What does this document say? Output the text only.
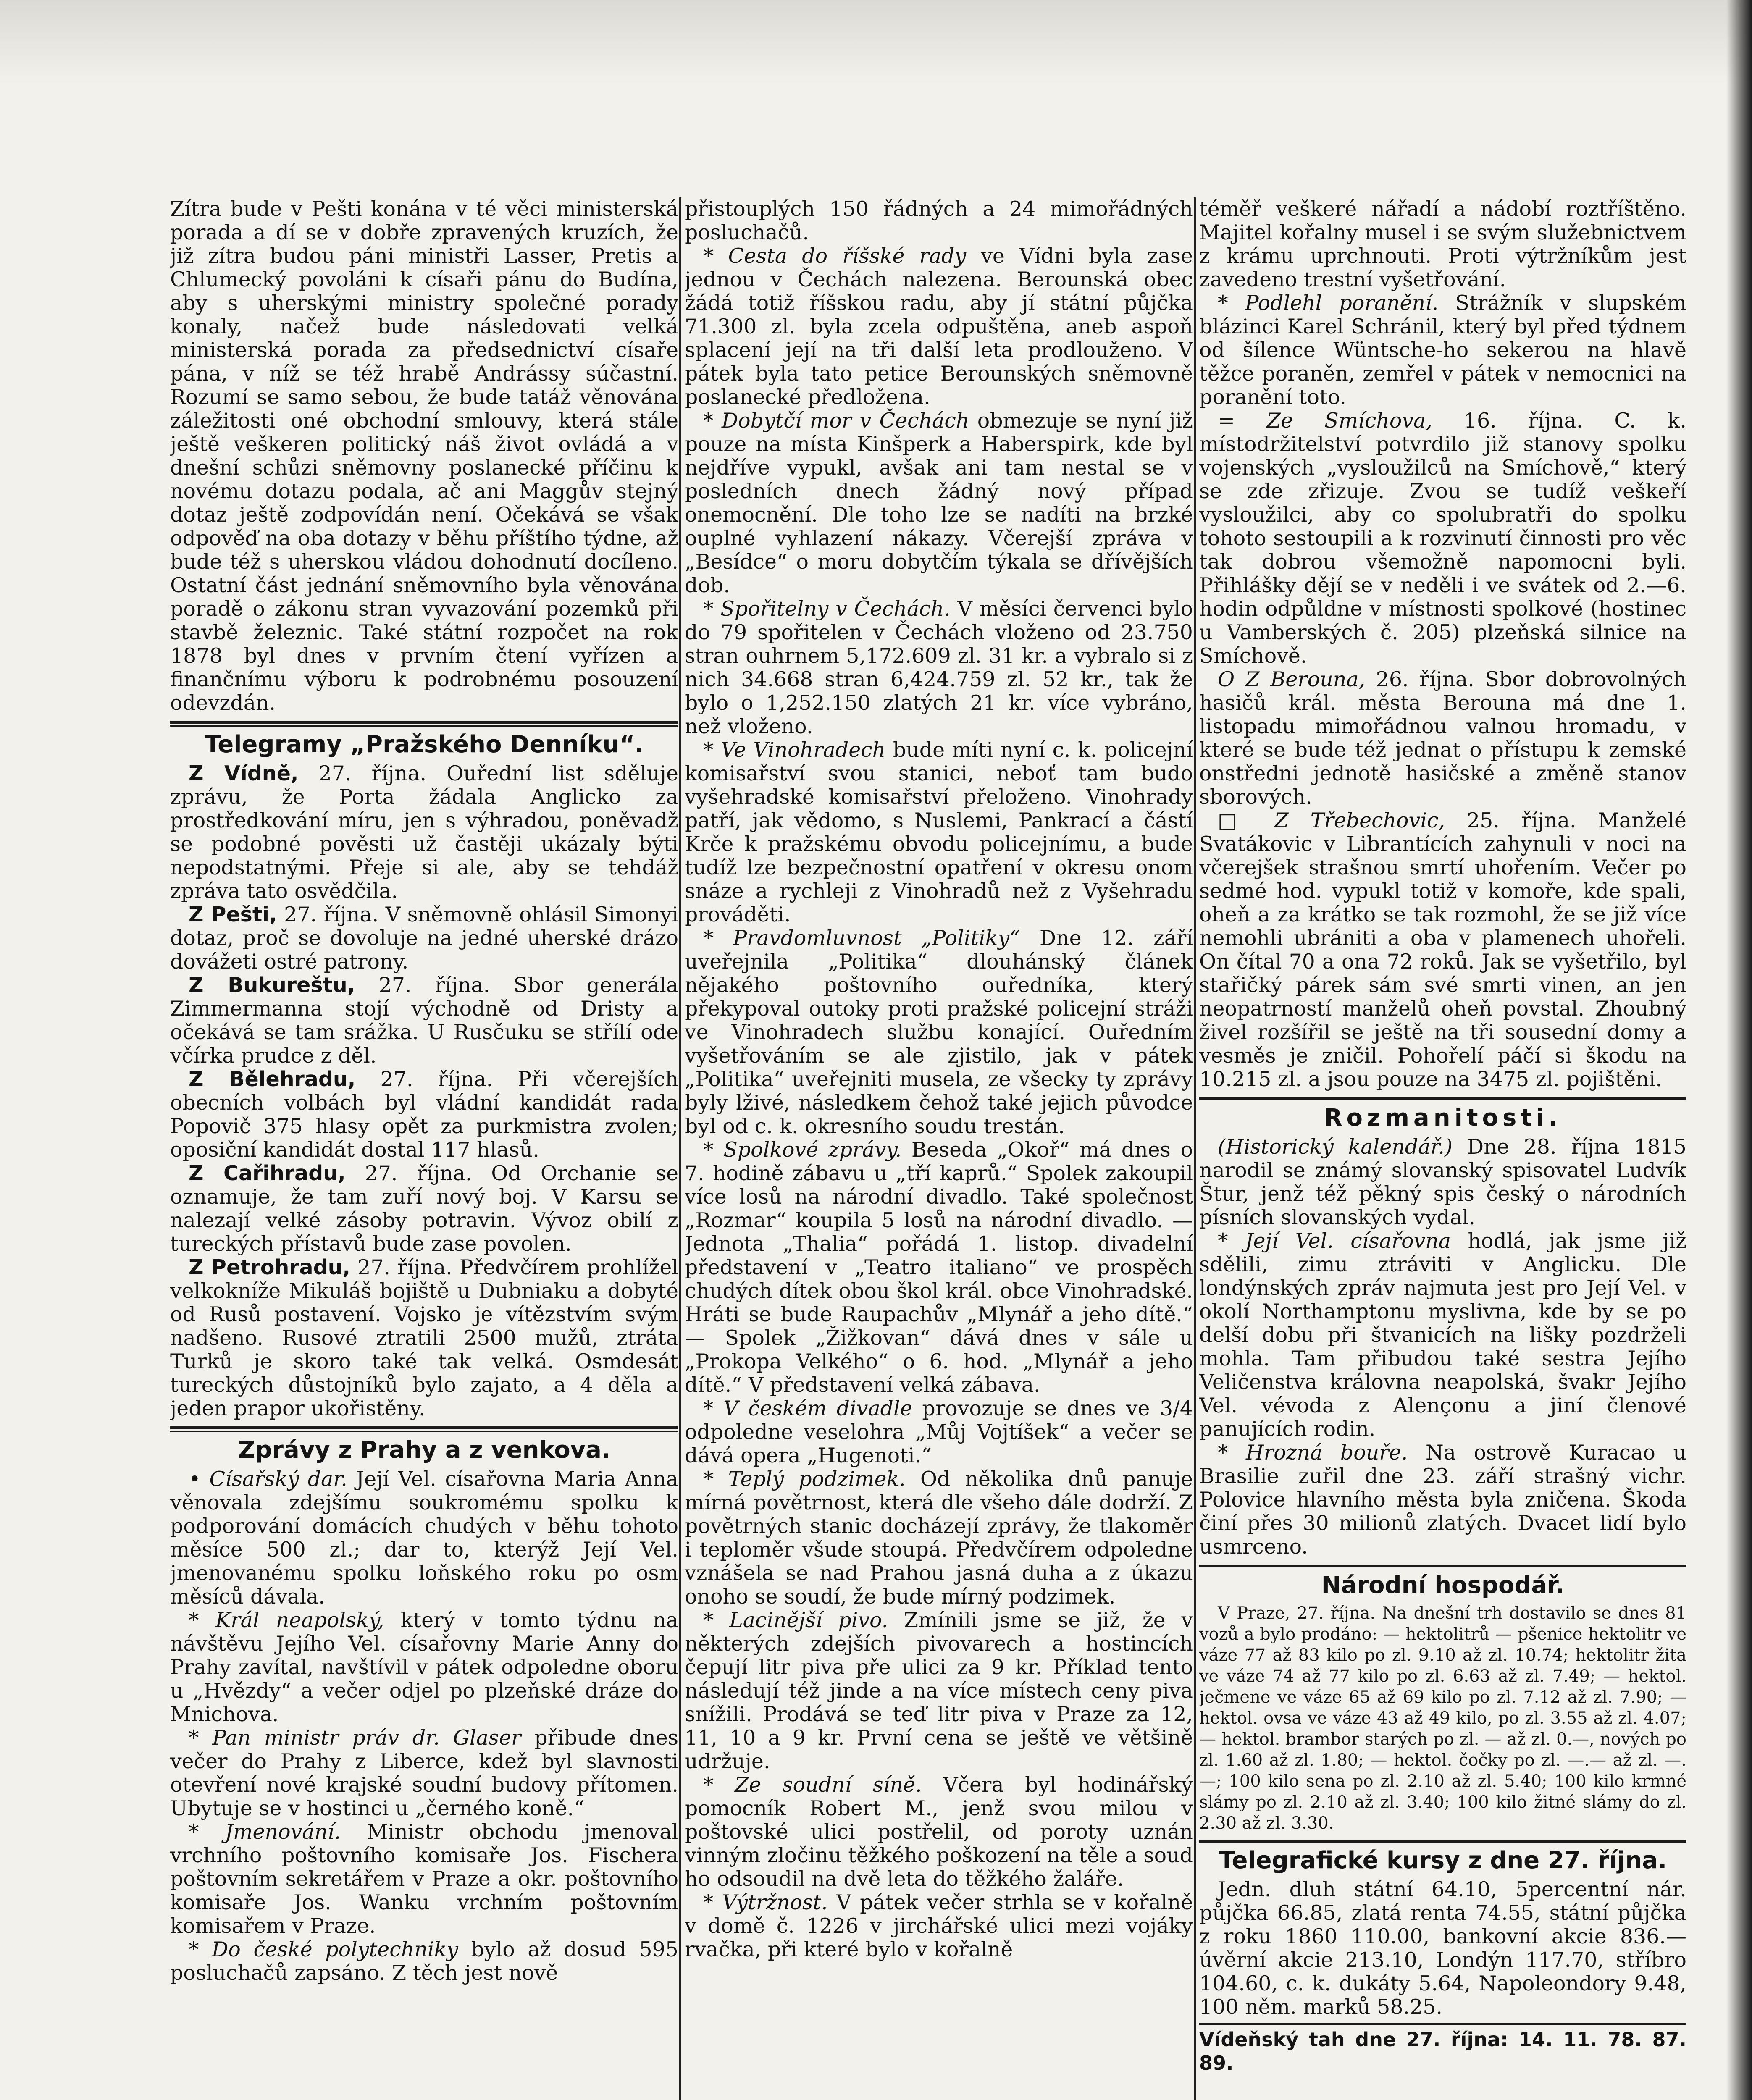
Zítra bude v Pešti konána v té věci ministerská porada a dí se v dobře zpravených kruzích, že již zítra budou páni ministři Lasser, Pretis a Chlumecký povoláni k císaři pánu do Budína, aby s uherskými ministry společné porady konaly, načež bude následovati velká ministerská porada za předsednictví císaře pána, v níž se též hrabě Andrássy súčastní. Rozumí se samo sebou, že bude tatáž věnována záležitosti oné obchodní smlouvy, která stále ještě veškeren politický náš život ovládá a v dnešní schůzi sněmovny poslanecké příčinu k novému dotazu podala, ač ani Maggův stejný dotaz ještě zodpovídán není. Očekává se však odpověď na oba dotazy v běhu příštího týdne, až bude též s uherskou vládou dohodnutí docíleno. Ostatní část jednání sněmovního byla věnována poradě o zákonu stran vyvazování pozemků při stavbě železnic. Také státní rozpočet na rok 1878 byl dnes v prvním čtení vyřízen a finančnímu výboru k podrobnému posouzení odevzdán.

Telegramy „Pražského Denníku“.

Z Vídně, 27. října. Ouřední list sděluje zprávu, že Porta žádala Anglicko za prostředkování míru, jen s výhradou, poněvadž se podobné pověsti už častěji ukázaly býti nepodstatnými. Přeje si ale, aby se tehdáž zpráva tato osvědčila.

Z Pešti, 27. října. V sněmovně ohlásil Simonyi dotaz, proč se dovoluje na jedné uherské drázo dovážeti ostré patrony.

Z Bukureštu, 27. října. Sbor generála Zimmermanna stojí východně od Dristy a očekává se tam srážka. U Rusčuku se střílí ode včírka prudce z děl.

Z Bělehradu, 27. října. Při včerejších obecních volbách byl vládní kandidát rada Popovič 375 hlasy opět za purkmistra zvolen; oposiční kandidát dostal 117 hlasů.

Z Cařihradu, 27. října. Od Orchanie se oznamuje, že tam zuří nový boj. V Karsu se nalezají velké zásoby potravin. Vývoz obilí z tureckých přístavů bude zase povolen.

Z Petrohradu, 27. října. Předvčírem prohlížel velkokníže Mikuláš bojiště u Dubniaku a dobyté od Rusů postavení. Vojsko je vítězstvím svým nadšeno. Rusové ztratili 2500 mužů, ztráta Turků je skoro také tak velká. Osmdesát tureckých důstojníků bylo zajato, a 4 děla a jeden prapor ukořistěny.

Zprávy z Prahy a z venkova.

• Císařský dar. Její Vel. císařovna Maria Anna věnovala zdejšímu soukromému spolku k podporování domácích chudých v běhu tohoto měsíce 500 zl.; dar to, kterýž Její Vel. jmenovanému spolku loňského roku po osm měsíců dávala.

* Král neapolský, který v tomto týdnu na návštěvu Jejího Vel. císařovny Marie Anny do Prahy zavítal, navštívil v pátek odpoledne oboru u „Hvězdy“ a večer odjel po plzeňské dráze do Mnichova.

* Pan ministr práv dr. Glaser přibude dnes večer do Prahy z Liberce, kdež byl slavnosti otevření nové krajské soudní budovy přítomen. Ubytuje se v hostinci u „černého koně.“

* Jmenování. Ministr obchodu jmenoval vrchního poštovního komisaře Jos. Fischera poštovním sekretářem v Praze a okr. poštovního komisaře Jos. Wanku vrchním poštovním komisařem v Praze.

* Do české polytechniky bylo až dosud 595 posluchačů zapsáno. Z těch jest nově

přistouplých 150 řádných a 24 mimořádných posluchačů.

* Cesta do říšské rady ve Vídni byla zase jednou v Čechách nalezena. Berounská obec žádá totiž říšskou radu, aby jí státní půjčka 71.300 zl. byla zcela odpuštěna, aneb aspoň splacení její na tři další leta prodlouženo. V pátek byla tato petice Berounských sněmovně poslanecké předložena.

* Dobytčí mor v Čechách obmezuje se nyní již pouze na místa Kinšperk a Haberspirk, kde byl nejdříve vypukl, avšak ani tam nestal se v posledních dnech žádný nový případ onemocnění. Dle toho lze se nadíti na brzké ouplné vyhlazení nákazy. Včerejší zpráva v „Besídce“ o moru dobytčím týkala se dřívějších dob.

* Spořitelny v Čechách. V měsíci červenci bylo do 79 spořitelen v Čechách vloženo od 23.750 stran ouhrnem 5,172.609 zl. 31 kr. a vybralo si z nich 34.668 stran 6,424.759 zl. 52 kr., tak že bylo o 1,252.150 zlatých 21 kr. více vybráno, než vloženo.

* Ve Vinohradech bude míti nyní c. k. policejní komisařství svou stanici, neboť tam budo vyšehradské komisařství přeloženo. Vinohrady patří, jak vědomo, s Nuslemi, Pankrací a částí Krče k pražskému obvodu policejnímu, a bude tudíž lze bezpečnostní opatření v okresu onom snáze a rychleji z Vinohradů než z Vyšehradu prováděti.

* Pravdomluvnost „Politiky“ Dne 12. září uveřejnila „Politika“ dlouhánský článek nějakého poštovního ouředníka, který překypoval outoky proti pražské policejní stráži ve Vinohradech službu konající. Ouředním vyšetřováním se ale zjistilo, jak v pátek „Politika“ uveřejniti musela, ze všecky ty zprávy byly lživé, následkem čehož také jejich původce byl od c. k. okresního soudu trestán.

* Spolkové zprávy. Beseda „Okoř“ má dnes o 7. hodině zábavu u „tří kaprů.“ Spolek zakoupil více losů na národní divadlo. Také společnost „Rozmar“ koupila 5 losů na národní divadlo. — Jednota „Thalia“ pořádá 1. listop. divadelní představení v „Teatro italiano“ ve prospěch chudých dítek obou škol král. obce Vinohradské. Hráti se bude Raupachův „Mlynář a jeho dítě.“ — Spolek „Žižkovan“ dává dnes v sále u „Prokopa Velkého“ o 6. hod. „Mlynář a jeho dítě.“ V představení velká zábava.

* V českém divadle provozuje se dnes ve 3/4 odpoledne veselohra „Můj Vojtíšek“ a večer se dává opera „Hugenoti.“

* Teplý podzimek. Od několika dnů panuje mírná povětrnost, která dle všeho dále dodrží. Z povětrných stanic docházejí zprávy, že tlakoměr i teploměr všude stoupá. Předvčírem odpoledne vznášela se nad Prahou jasná duha a z úkazu onoho se soudí, že bude mírný podzimek.

* Lacinější pivo. Zmínili jsme se již, že v některých zdejších pivovarech a hostincích čepují litr piva pře ulici za 9 kr. Příklad tento následují též jinde a na více místech ceny piva snížili. Prodává se teď litr piva v Praze za 12, 11, 10 a 9 kr. První cena se ještě ve většině udržuje.

* Ze soudní síně. Včera byl hodinářský pomocník Robert M., jenž svou milou v poštovské ulici postřelil, od poroty uznán vinným zločinu těžkého poškození na těle a soud ho odsoudil na dvě leta do těžkého žaláře.

* Výtržnost. V pátek večer strhla se v kořalně v domě č. 1226 v jirchářské ulici mezi vojáky rvačka, při které bylo v kořalně

téměř veškeré nářadí a nádobí roztříštěno. Majitel kořalny musel i se svým služebnictvem z krámu uprchnouti. Proti výtržníkům jest zavedeno trestní vyšetřování.

* Podlehl poranění. Strážník v slupském blázinci Karel Schránil, který byl před týdnem od šílence Wüntsche-ho sekerou na hlavě těžce poraněn, zemřel v pátek v nemocnici na poranění toto.

= Ze Smíchova, 16. října. C. k. místodržitelství potvrdilo již stanovy spolku vojenských „vysloužilců na Smíchově,“ který se zde zřizuje. Zvou se tudíž veškeří vysloužilci, aby co spolubratři do spolku tohoto sestoupili a k rozvinutí činnosti pro věc tak dobrou všemožně napomocni byli. Přihlášky dějí se v neděli i ve svátek od 2.—6. hodin odpůldne v místnosti spolkové (hostinec u Vamberských č. 205) plzeňská silnice na Smíchově.

O Z Berouna, 26. října. Sbor dobrovolných hasičů král. města Berouna má dne 1. listopadu mimořádnou valnou hromadu, v které se bude též jednat o přístupu k zemské onstředni jednotě hasičské a změně stanov sborových.

□ Z Třebechovic, 25. října. Manželé Svatákovic v Librantících zahynuli v noci na včerejšek strašnou smrtí uhořením. Večer po sedmé hod. vypukl totiž v komoře, kde spali, oheň a za krátko se tak rozmohl, že se již více nemohli ubrániti a oba v plamenech uhořeli. On čítal 70 a ona 72 roků. Jak se vyšetřilo, byl stařičký párek sám své smrti vinen, an jen neopatrností manželů oheň povstal. Zhoubný živel rozšířil se ještě na tři sousední domy a vesměs je zničil. Pohořelí páčí si škodu na 10.215 zl. a jsou pouze na 3475 zl. pojištěni.

Rozmanitosti.

(Historický kalendář.) Dne 28. října 1815 narodil se známý slovanský spisovatel Ludvík Štur, jenž též pěkný spis český o národních písních slovanských vydal.

* Její Vel. císařovna hodlá, jak jsme již sdělili, zimu ztráviti v Anglicku. Dle londýnských zpráv najmuta jest pro Její Vel. v okolí Northamptonu myslivna, kde by se po delší dobu při štvanicích na lišky pozdrželi mohla. Tam přibudou také sestra Jejího Veličenstva královna neapolská, švakr Jejího Vel. vévoda z Alençonu a jiní členové panujících rodin.

* Hrozná bouře. Na ostrově Kuracao u Brasilie zuřil dne 23. září strašný vichr. Polovice hlavního města byla zničena. Škoda činí přes 30 milionů zlatých. Dvacet lidí bylo usmrceno.

Národní hospodář.

V Praze, 27. října. Na dnešní trh dostavilo se dnes 81 vozů a bylo prodáno: — hektolitrů — pšenice hektolitr ve váze 77 až 83 kilo po zl. 9.10 až zl. 10.74; hektolitr žita ve váze 74 až 77 kilo po zl. 6.63 až zl. 7.49; — hektol. ječmene ve váze 65 až 69 kilo po zl. 7.12 až zl. 7.90; — hektol. ovsa ve váze 43 až 49 kilo, po zl. 3.55 až zl. 4.07; — hektol. brambor starých po zl. — až zl. 0.—, nových po zl. 1.60 až zl. 1.80; — hektol. čočky po zl. —.— až zl. —.—; 100 kilo sena po zl. 2.10 až zl. 5.40; 100 kilo krmné slámy po zl. 2.10 až zl. 3.40; 100 kilo žitné slámy do zl. 2.30 až zl. 3.30.

Telegrafické kursy z dne 27. října.

Jedn. dluh státní 64.10, 5percentní nár. půjčka 66.85, zlatá renta 74.55, státní půjčka z roku 1860 110.00, bankovní akcie 836.— úvěrní akcie 213.10, Londýn 117.70, stříbro 104.60, c. k. dukáty 5.64, Napoleondory 9.48, 100 něm. marků 58.25.

Vídeňský tah dne 27. října: 14. 11. 78. 87. 89.
